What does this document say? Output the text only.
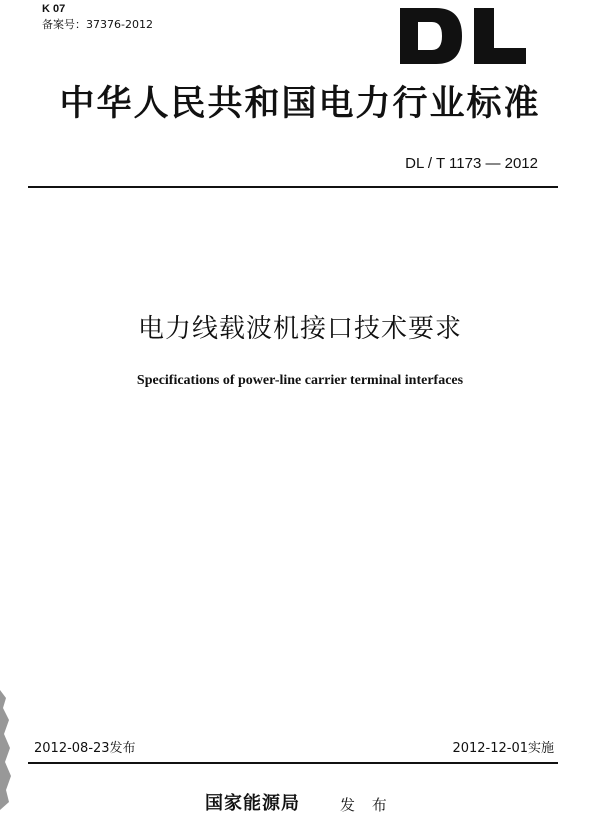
K 07
备案号：37376-2012
中华人民共和国电力行业标准
DL / T 1173 — 2012
电力线载波机接口技术要求
Specifications of power-line carrier terminal interfaces
2012-08-23发布	2012-12-01实施
国家能源局	发 布
